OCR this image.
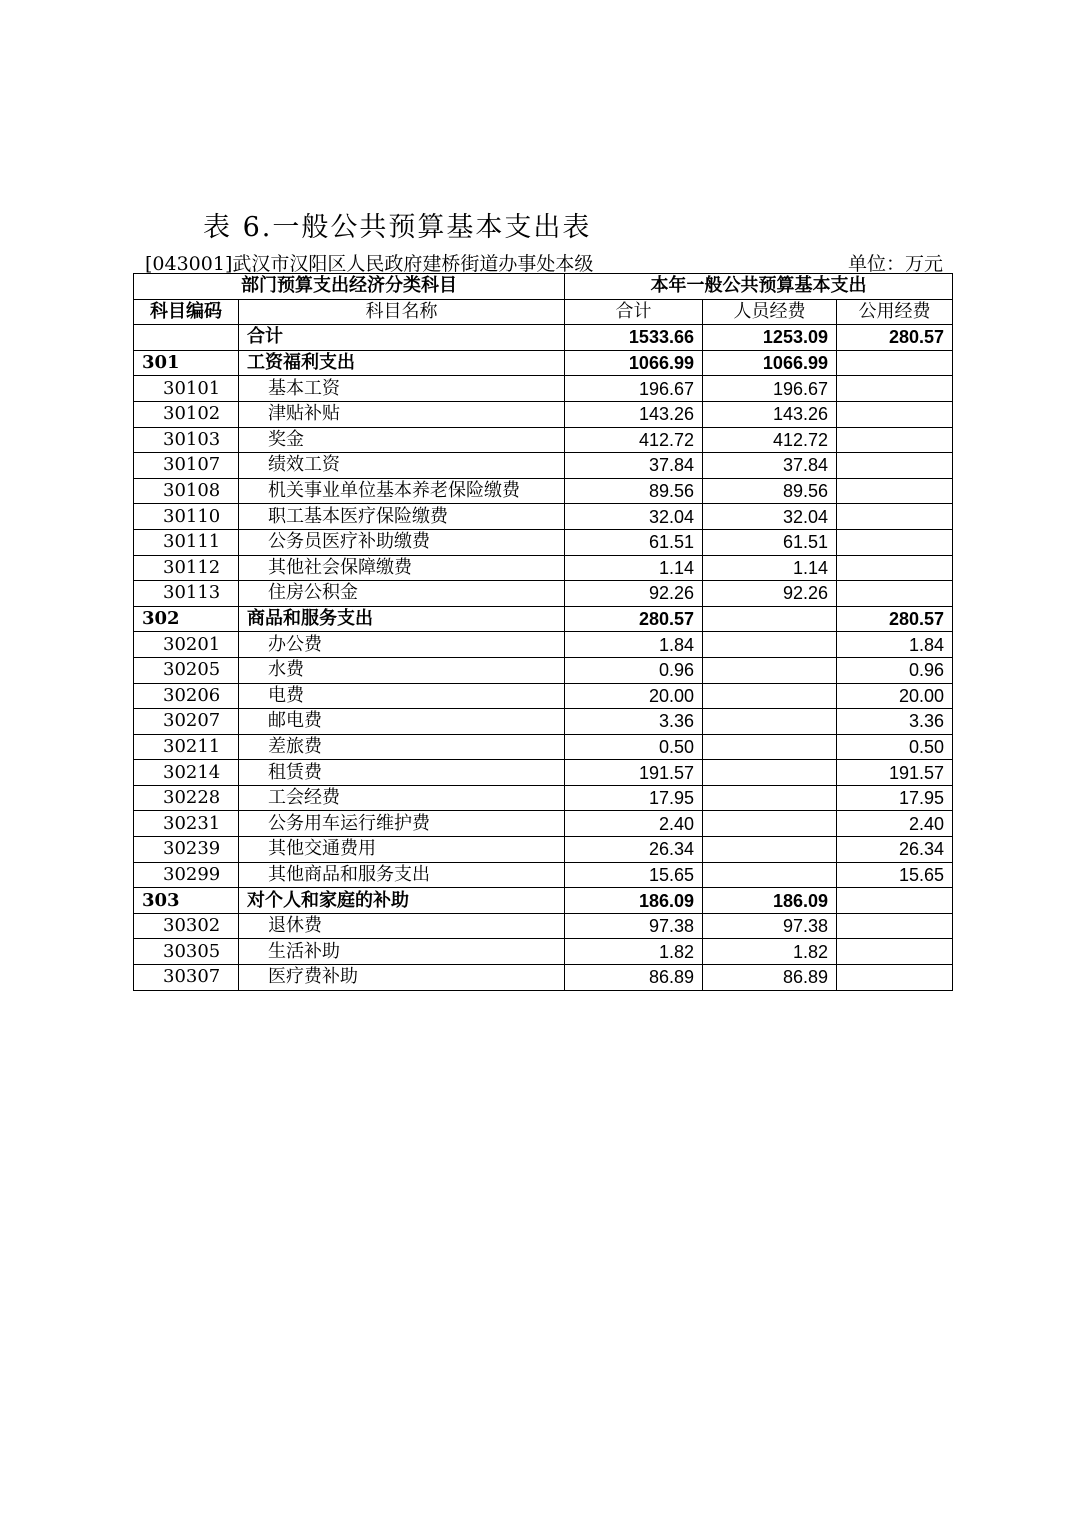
表 6.一般公共预算基本支出表
[043001]武汉市汉阳区人民政府建桥街道办事处本级	单位：万元
部门预算支出经济分类科目		本年一般公共预算基本支出		
科目编码	科目名称	合计	人员经费	公用经费
	合计	1533.66	1253.09	280.57
301	工资福利支出	1066.99	1066.99	
30101	基本工资	196.67	196.67	
30102	津贴补贴	143.26	143.26	
30103	奖金	412.72	412.72	
30107	绩效工资	37.84	37.84	
30108	机关事业单位基本养老保险缴费	89.56	89.56	
30110	职工基本医疗保险缴费	32.04	32.04	
30111	公务员医疗补助缴费	61.51	61.51	
30112	其他社会保障缴费	1.14	1.14	
30113	住房公积金	92.26	92.26	
302	商品和服务支出	280.57		280.57
30201	办公费	1.84		1.84
30205	水费	0.96		0.96
30206	电费	20.00		20.00
30207	邮电费	3.36		3.36
30211	差旅费	0.50		0.50
30214	租赁费	191.57		191.57
30228	工会经费	17.95		17.95
30231	公务用车运行维护费	2.40		2.40
30239	其他交通费用	26.34		26.34
30299	其他商品和服务支出	15.65		15.65
303	对个人和家庭的补助	186.09	186.09	
30302	退休费	97.38	97.38	
30305	生活补助	1.82	1.82	
30307	医疗费补助	86.89	86.89	
